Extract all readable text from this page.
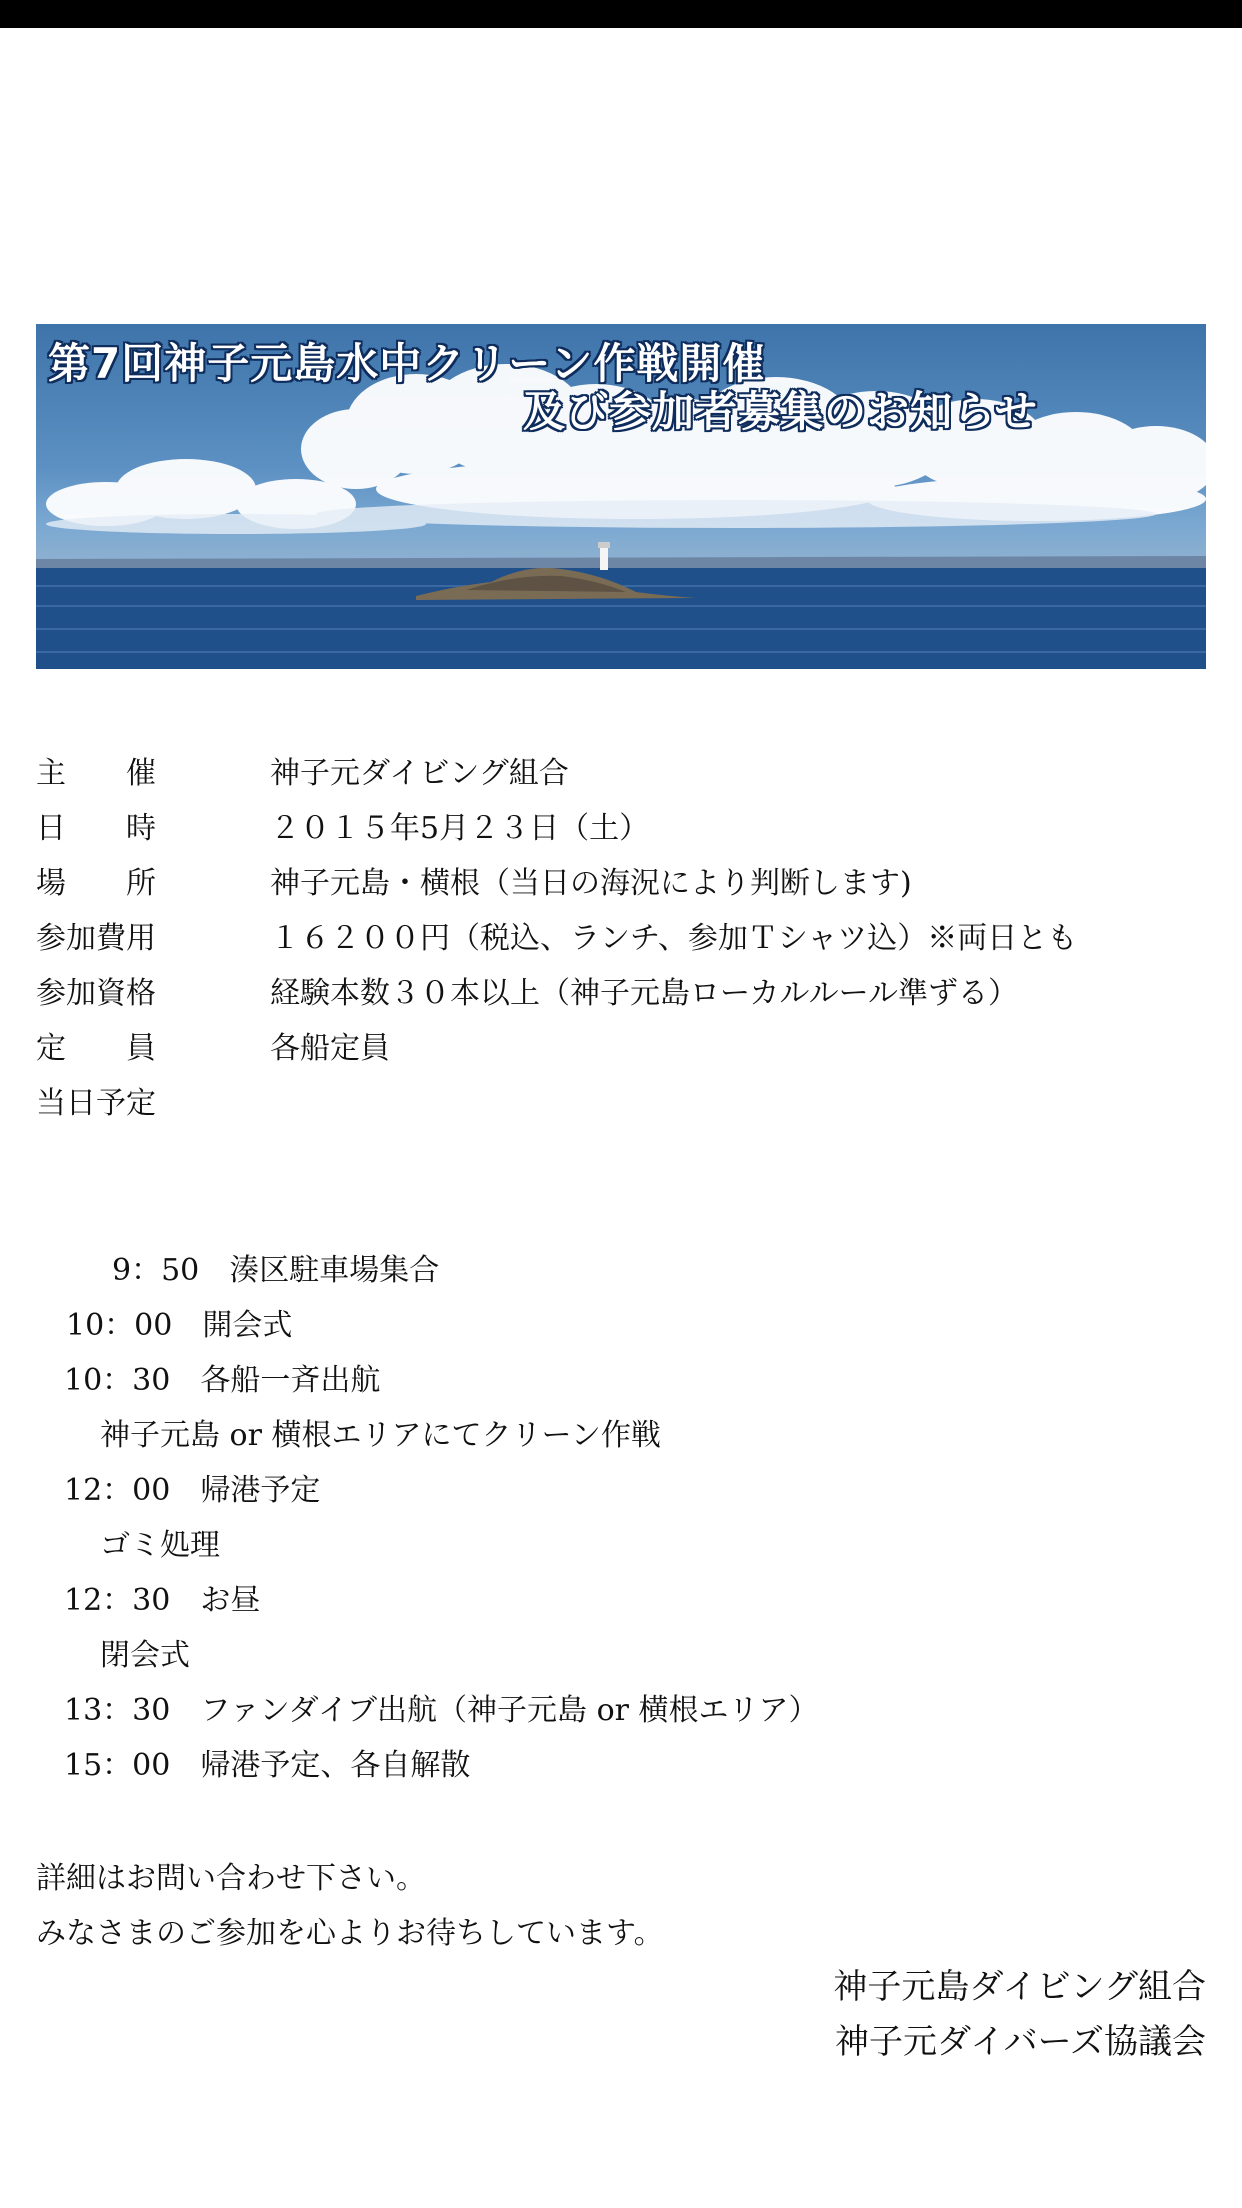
第7回神子元島水中クリーン作戦開催
及び参加者募集のお知らせ
主　　催	神子元ダイビング組合
日　　時	２０１５年5月２３日（土）
場　　所	神子元島・横根（当日の海況により判断します)
参加費用	１６２００円（税込、ランチ、参加Ｔシャツ込）※両日とも
参加資格	経験本数３０本以上（神子元島ローカルルール準ずる）
定　　員	各船定員
当日予定
　9：50　湊区駐車場集合
10：00　開会式
10：30　各船一斉出航
　神子元島 or 横根エリアにてクリーン作戦
12：00　帰港予定
　ゴミ処理
12：30　お昼
　閉会式
13：30　ファンダイブ出航（神子元島 or 横根エリア）
15：00　帰港予定、各自解散
詳細はお問い合わせ下さい。
みなさまのご参加を心よりお待ちしています。
神子元島ダイビング組合
神子元ダイバーズ協議会
